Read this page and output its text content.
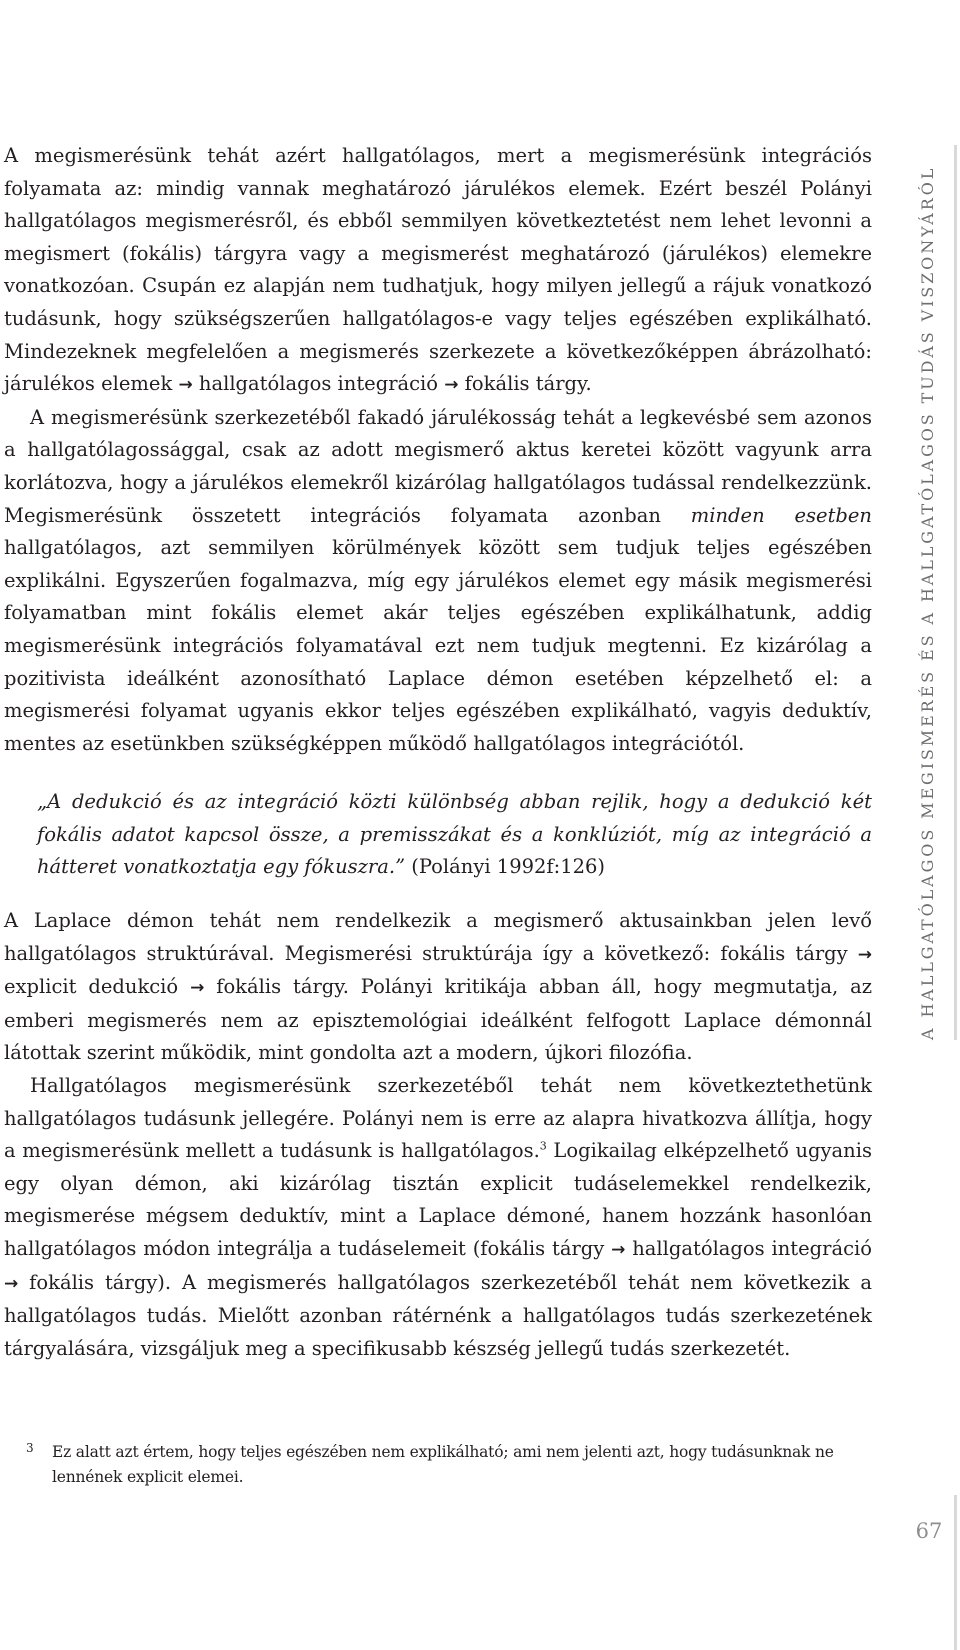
A megismerésünk tehát azért hallgatólagos, mert a megismerésünk integrációs folyamata az: mindig vannak meghatározó járulékos elemek. Ezért beszél Polányi hallgatólagos megismerésről, és ebből semmilyen következtetést nem lehet levonni a megismert (fokális) tárgyra vagy a megismerést meghatározó (járulékos) elemekre vonatkozóan. Csupán ez alapján nem tudhatjuk, hogy milyen jellegű a rájuk vonatkozó tudásunk, hogy szükségszerűen hallgatólagos-e vagy teljes egészében explikálható. Mindezeknek megfelelően a megismerés szerkezete a következőképpen ábrázolható: járulékos elemek → hallgatólagos integráció → fokális tárgy.

A megismerésünk szerkezetéből fakadó járulékosság tehát a legkevésbé sem azonos a hallgatólagossággal, csak az adott megismerő aktus keretei között vagyunk arra korlátozva, hogy a járulékos elemekről kizárólag hallgatólagos tudással rendelkezzünk. Megismerésünk összetett integrációs folyamata azonban minden esetben hallgatólagos, azt semmilyen körülmények között sem tudjuk teljes egészében explikálni. Egyszerűen fogalmazva, míg egy járulékos elemet egy másik megismerési folyamatban mint fokális elemet akár teljes egészében explikálhatunk, addig megismerésünk integrációs folyamatával ezt nem tudjuk megtenni. Ez kizárólag a pozitivista ideálként azonosítható Laplace démon esetében képzelhető el: a megismerési folyamat ugyanis ekkor teljes egészében explikálható, vagyis deduktív, mentes az esetünkben szükségképpen működő hallgatólagos integrációtól.

„A dedukció és az integráció közti különbség abban rejlik, hogy a dedukció két fokális adatot kapcsol össze, a premisszákat és a konklúziót, míg az integráció a hátteret vonatkoztatja egy fókuszra.” (Polányi 1992f:126)

A Laplace démon tehát nem rendelkezik a megismerő aktusainkban jelen levő hallgatólagos struktúrával. Megismerési struktúrája így a következő: fokális tárgy → explicit dedukció → fokális tárgy. Polányi kritikája abban áll, hogy megmutatja, az emberi megismerés nem az episztemológiai ideálként felfogott Laplace démonnál látottak szerint működik, mint gondolta azt a modern, újkori filozófia.

Hallgatólagos megismerésünk szerkezetéből tehát nem következtethetünk hallgatólagos tudásunk jellegére. Polányi nem is erre az alapra hivatkozva állítja, hogy a megismerésünk mellett a tudásunk is hallgatólagos.$^3$ Logikailag elképzelhető ugyanis egy olyan démon, aki kizárólag tisztán explicit tudáselemekkel rendelkezik, megismerése mégsem deduktív, mint a Laplace démoné, hanem hozzánk hasonlóan hallgatólagos módon integrálja a tudáselemeit (fokális tárgy → hallgatólagos integráció → fokális tárgy). A megismerés hallgatólagos szerkezetéből tehát nem következik a hallgatólagos tudás. Mielőtt azonban rátérnénk a hallgatólagos tudás szerkezetének tárgyalására, vizsgáljuk meg a specifikusabb készség jellegű tudás szerkezetét.

3 Ez alatt azt értem, hogy teljes egészében nem explikálható; ami nem jelenti azt, hogy tudásunknak ne lennének explicit elemei.
A HALLGATÓLAGOS MEGISMERÉS ÉS A HALLGATÓLAGOS TUDÁS VISZONYÁRÓL
67
